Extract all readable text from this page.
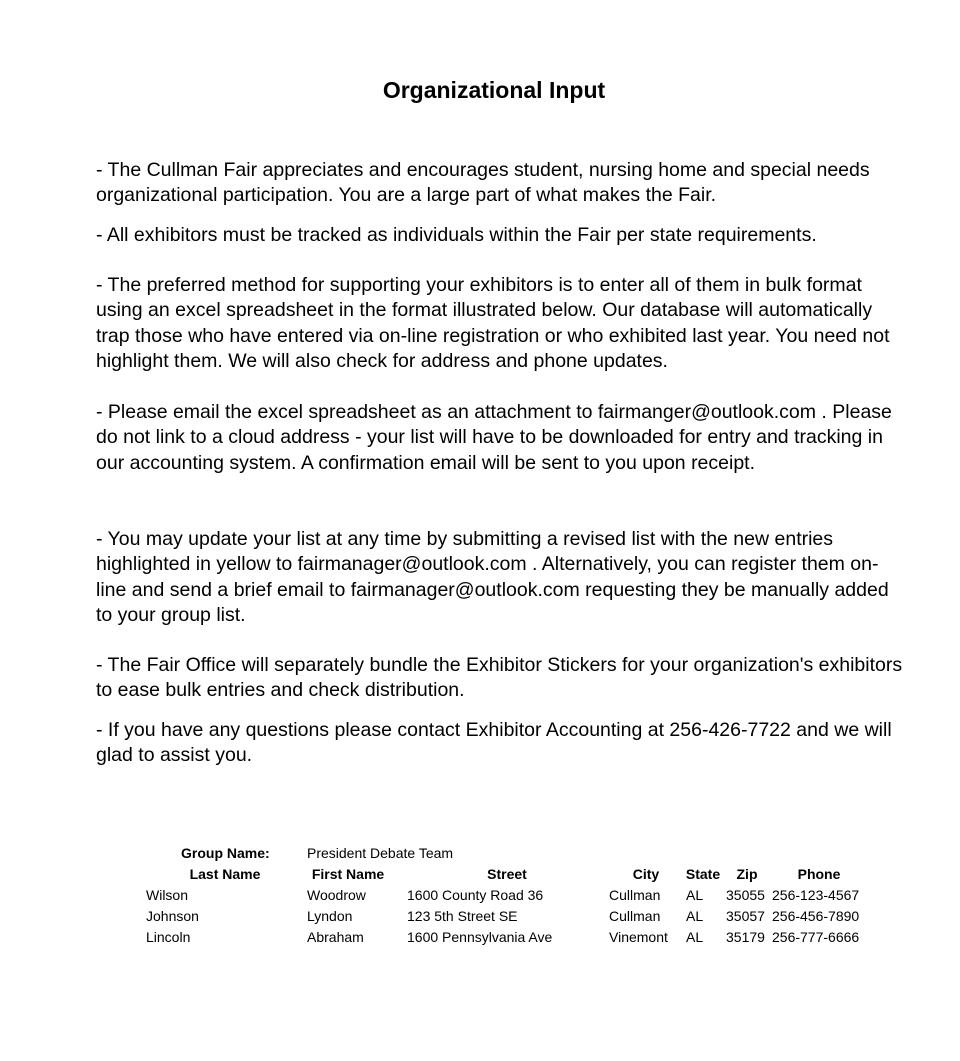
Organizational Input

- The Cullman Fair appreciates and encourages student, nursing home and special needs organizational participation. You are a large part of what makes the Fair.

- All exhibitors must be tracked as individuals within the Fair per state requirements.

- The preferred method for supporting your exhibitors is to enter all of them in bulk format using an excel spreadsheet in the format illustrated below. Our database will automatically trap those who have entered via on-line registration or who exhibited last year. You need not highlight them. We will also check for address and phone updates.

- Please email the excel spreadsheet as an attachment to fairmanger@outlook.com . Please do not link to a cloud address - your list will have to be downloaded for entry and tracking in our accounting system. A confirmation email will be sent to you upon receipt.

- You may update your list at any time by submitting a revised list with the new entries highlighted in yellow to fairmanager@outlook.com . Alternatively, you can register them on-line and send a brief email to fairmanager@outlook.com requesting they be manually added to your group list.

- The Fair Office will separately bundle the Exhibitor Stickers for your organization's exhibitors to ease bulk entries and check distribution.

- If you have any questions please contact Exhibitor Accounting at 256-426-7722 and we will glad to assist you.

Group Name:	President Debate Team
Last Name	First Name	Street	City State Zip	Phone
Wilson	Woodrow	1600 County Road 36	Cullman AL 35055 256-123-4567
Johnson	Lyndon	123 5th Street SE	Cullman AL 35057 256-456-7890
Lincoln	Abraham	1600 Pennsylvania Ave	Vinemont AL 35179 256-777-6666
